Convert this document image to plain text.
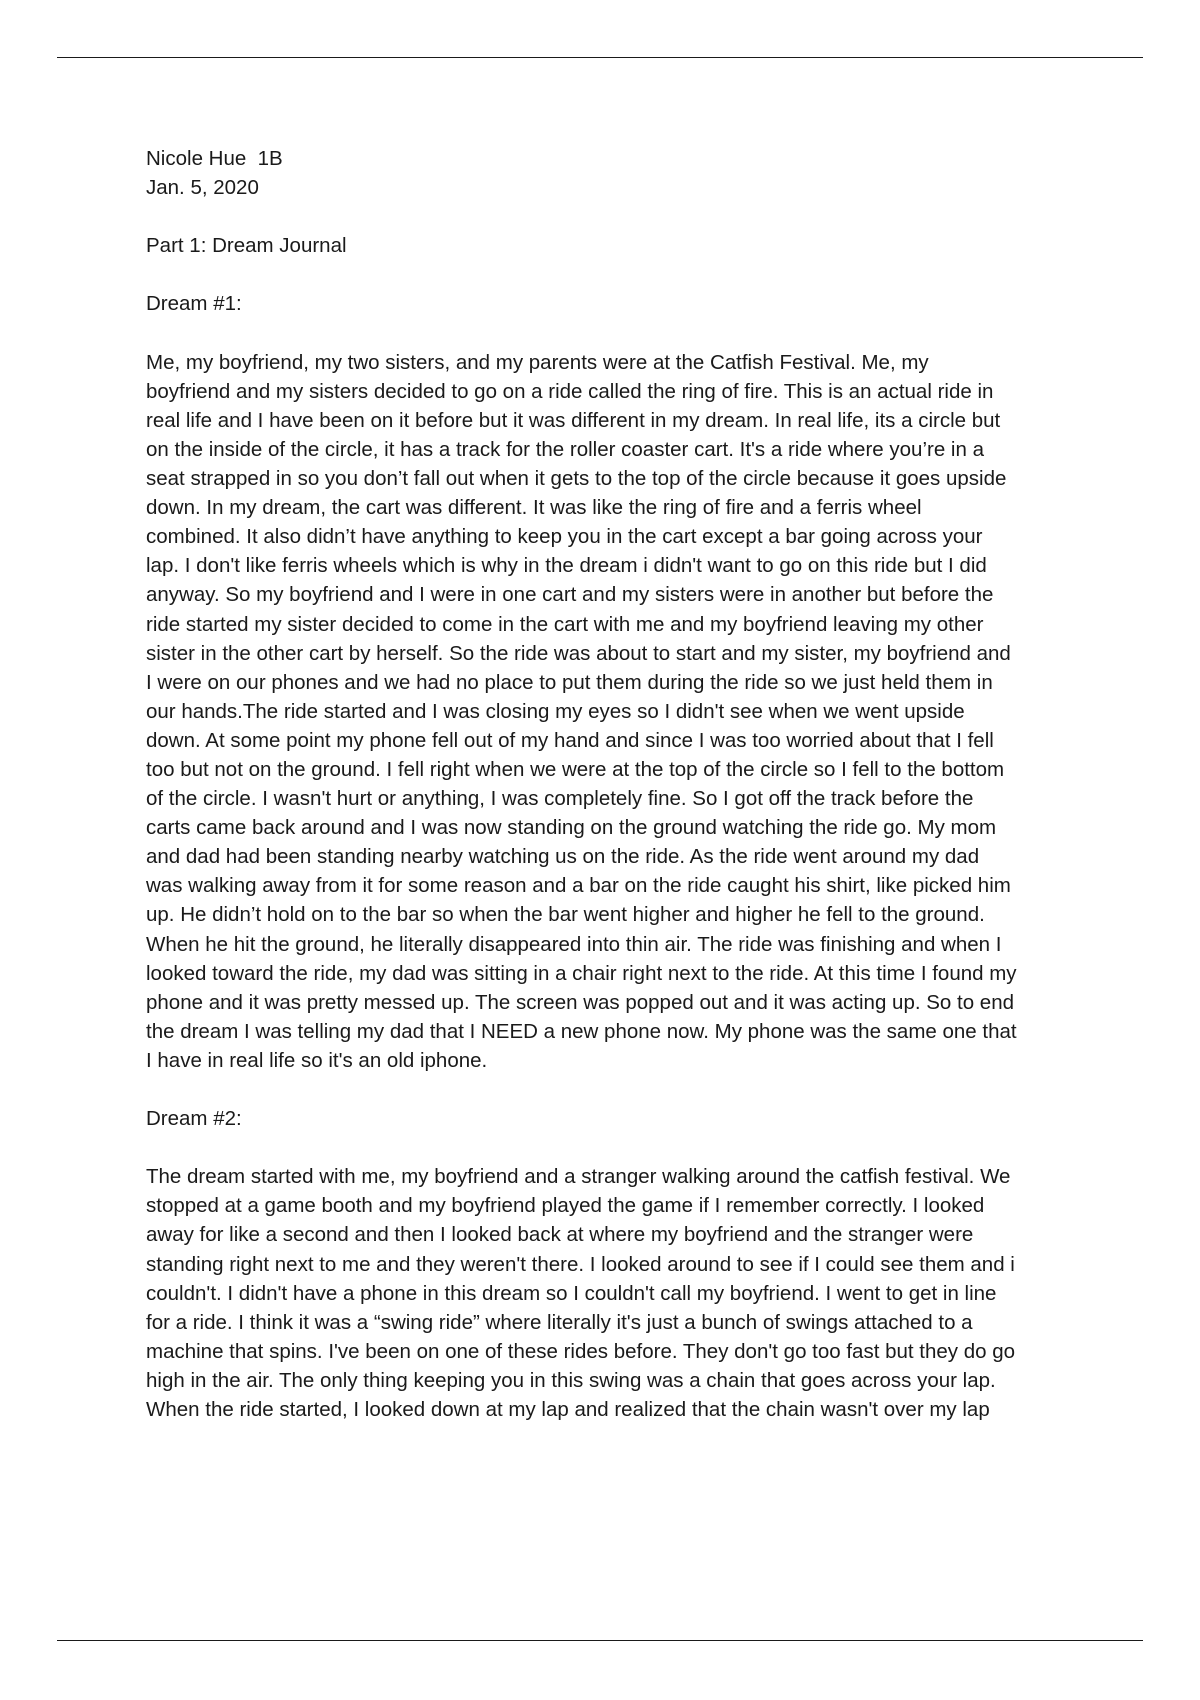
Nicole Hue  1B
Jan. 5, 2020
Part 1: Dream Journal
Dream #1:
Me, my boyfriend, my two sisters, and my parents were at the Catfish Festival. Me, my
boyfriend and my sisters decided to go on a ride called the ring of fire. This is an actual ride in
real life and I have been on it before but it was different in my dream. In real life, its a circle but
on the inside of the circle, it has a track for the roller coaster cart. It's a ride where you’re in a
seat strapped in so you don’t fall out when it gets to the top of the circle because it goes upside
down. In my dream, the cart was different. It was like the ring of fire and a ferris wheel
combined. It also didn’t have anything to keep you in the cart except a bar going across your
lap. I don't like ferris wheels which is why in the dream i didn't want to go on this ride but I did
anyway. So my boyfriend and I were in one cart and my sisters were in another but before the
ride started my sister decided to come in the cart with me and my boyfriend leaving my other
sister in the other cart by herself. So the ride was about to start and my sister, my boyfriend and
I were on our phones and we had no place to put them during the ride so we just held them in
our hands.The ride started and I was closing my eyes so I didn't see when we went upside
down. At some point my phone fell out of my hand and since I was too worried about that I fell
too but not on the ground. I fell right when we were at the top of the circle so I fell to the bottom
of the circle. I wasn't hurt or anything, I was completely fine. So I got off the track before the
carts came back around and I was now standing on the ground watching the ride go. My mom
and dad had been standing nearby watching us on the ride. As the ride went around my dad
was walking away from it for some reason and a bar on the ride caught his shirt, like picked him
up. He didn’t hold on to the bar so when the bar went higher and higher he fell to the ground.
When he hit the ground, he literally disappeared into thin air. The ride was finishing and when I
looked toward the ride, my dad was sitting in a chair right next to the ride. At this time I found my
phone and it was pretty messed up. The screen was popped out and it was acting up. So to end
the dream I was telling my dad that I NEED a new phone now. My phone was the same one that
I have in real life so it's an old iphone.
Dream #2:
The dream started with me, my boyfriend and a stranger walking around the catfish festival. We
stopped at a game booth and my boyfriend played the game if I remember correctly. I looked
away for like a second and then I looked back at where my boyfriend and the stranger were
standing right next to me and they weren't there. I looked around to see if I could see them and i
couldn't. I didn't have a phone in this dream so I couldn't call my boyfriend. I went to get in line
for a ride. I think it was a “swing ride” where literally it's just a bunch of swings attached to a
machine that spins. I've been on one of these rides before. They don't go too fast but they do go
high in the air. The only thing keeping you in this swing was a chain that goes across your lap.
When the ride started, I looked down at my lap and realized that the chain wasn't over my lap
